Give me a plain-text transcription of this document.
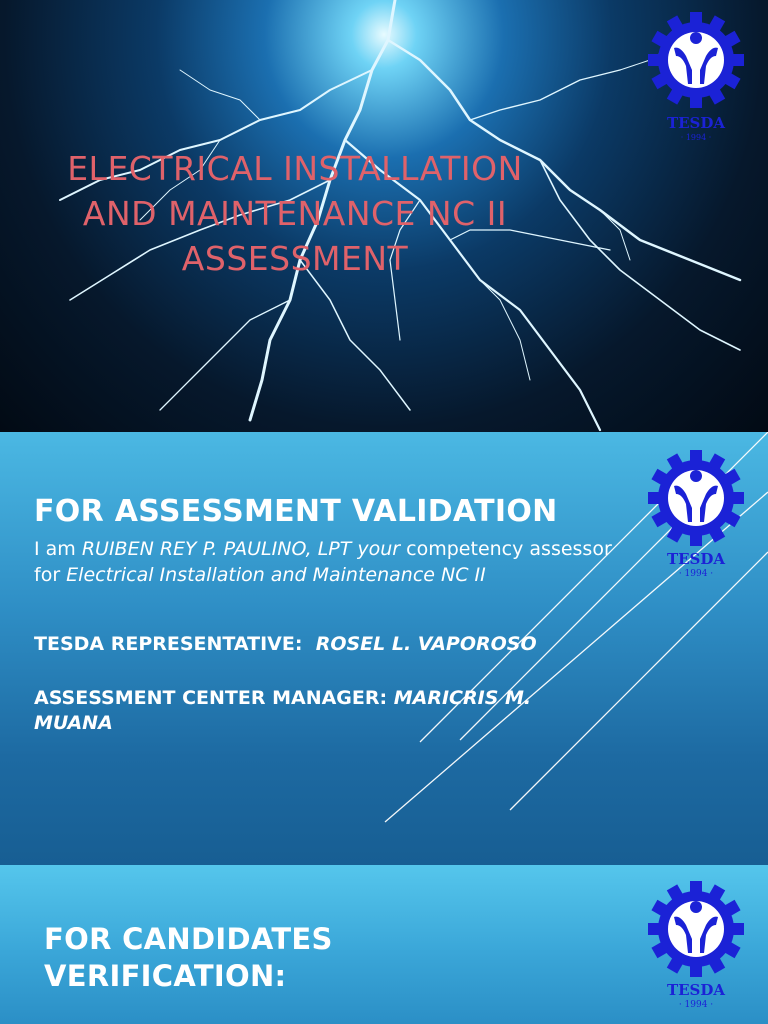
ELECTRICAL INSTALLATION AND MAINTENANCE NC II ASSESSMENT
TESDA
· 1994 ·
FOR ASSESSMENT VALIDATION
I am RUIBEN REY P. PAULINO, LPT your competency assessor for Electrical Installation and Maintenance NC II
TESDA REPRESENTATIVE: ROSEL L. VAPOROSO
ASSESSMENT CENTER MANAGER: MARICRIS M. MUANA
TESDA
· 1994 ·
FOR CANDIDATES
VERIFICATION:	TESDA
· 1994 ·
